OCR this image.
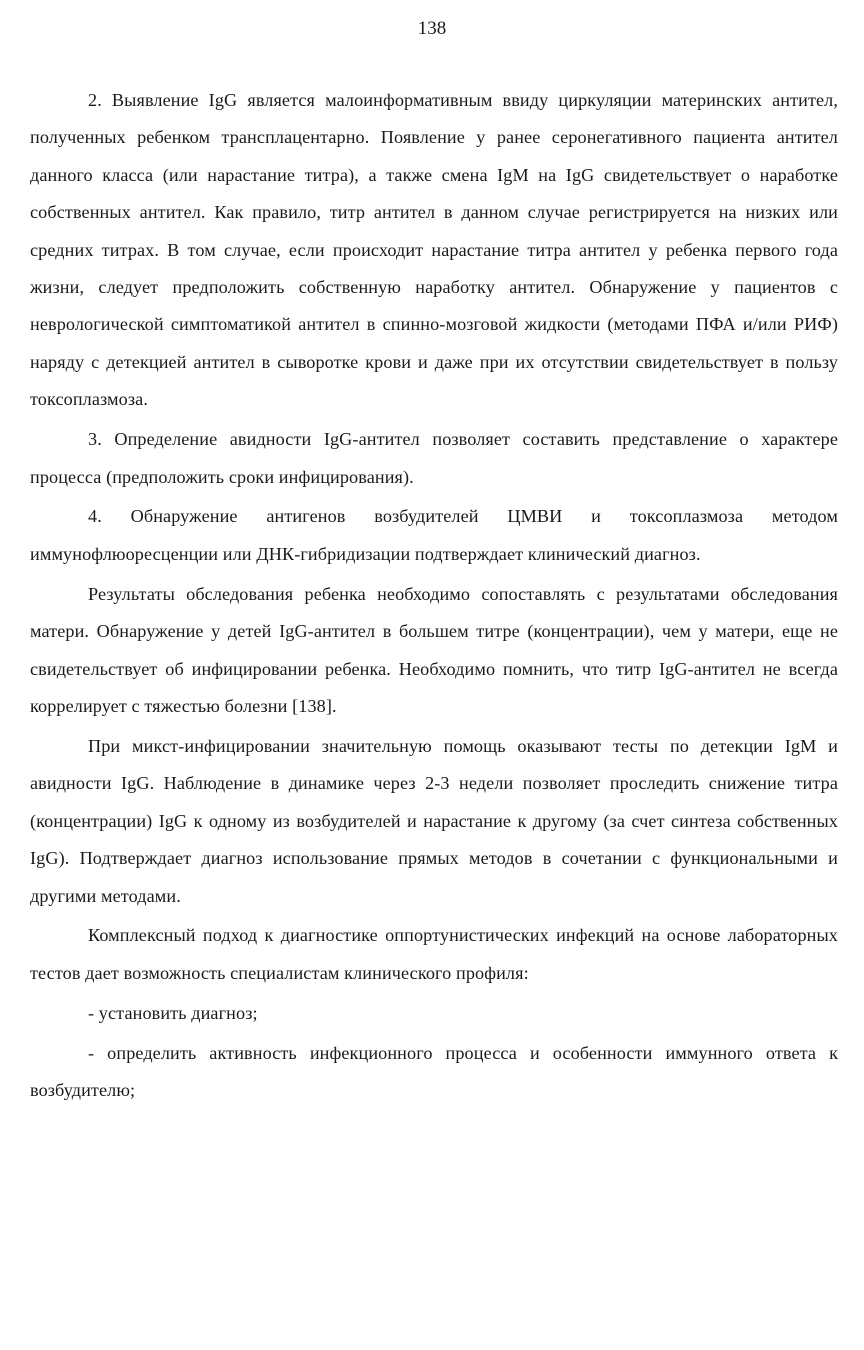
138

2. Выявление IgG является малоинформативным ввиду циркуляции материнских антител, полученных ребенком трансплацентарно. Появление у ранее серонегативного пациента антител данного класса (или нарастание титра), а также смена IgM на IgG свидетельствует о наработке собственных антител. Как правило, титр антител в данном случае регистрируется на низких или средних титрах. В том случае, если происходит нарастание титра антител у ребенка первого года жизни, следует предположить собственную наработку антител. Обнаружение у пациентов с неврологической симптоматикой антител в спинно-мозговой жидкости (методами ПФА и/или РИФ) наряду с детекцией антител в сыворотке крови и даже при их отсутствии свидетельствует в пользу токсоплазмоза.

3. Определение авидности IgG-антител позволяет составить представление о характере процесса (предположить сроки инфицирования).

4. Обнаружение антигенов возбудителей ЦМВИ и токсоплазмоза методом иммунофлюоресценции или ДНК-гибридизации подтверждает клинический диагноз.

Результаты обследования ребенка необходимо сопоставлять с результатами обследования матери. Обнаружение у детей IgG-антител в большем титре (концентрации), чем у матери, еще не свидетельствует об инфицировании ребенка. Необходимо помнить, что титр IgG-антител не всегда коррелирует с тяжестью болезни [138].

При микст-инфицировании значительную помощь оказывают тесты по детекции IgM и авидности IgG. Наблюдение в динамике через 2-3 недели позволяет проследить снижение титра (концентрации) IgG к одному из возбудителей и нарастание к другому (за счет синтеза собственных IgG). Подтверждает диагноз использование прямых методов в сочетании с функциональными и другими методами.

Комплексный подход к диагностике оппортунистических инфекций на основе лабораторных тестов дает возможность специалистам клинического профиля:

- установить диагноз;

- определить активность инфекционного процесса и особенности иммунного ответа к возбудителю;
